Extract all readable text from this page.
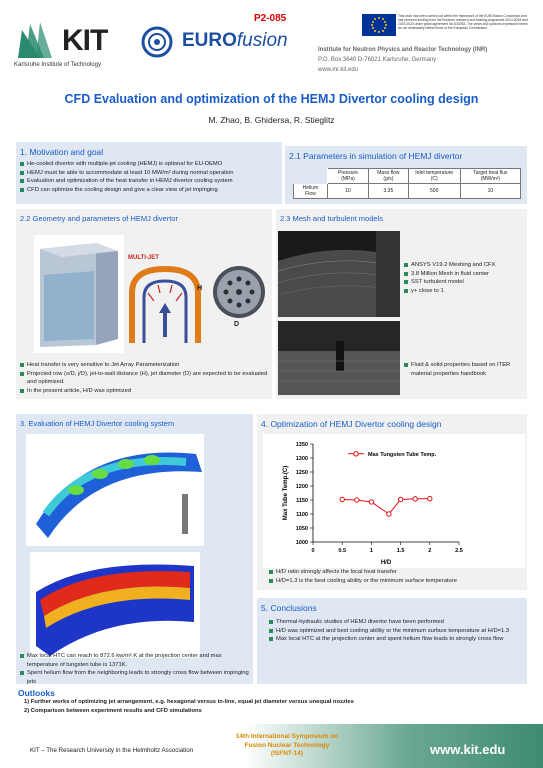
KIT
Karlsruhe Institute of Technology
EUROfusion
P2-085	This work has been carried out within the framework of the EUROfusion Consortium and has received funding from the Euratom research and training programme 2014-2018 and 2019-2020 under grant agreement No 633053. The views and opinions expressed herein do not necessarily reflect those of the European Commission.
Institute for Neutron Physics and Reactor Technology (INR)
P.O. Box 3640 D-76021 Karlsruhe, Germany
www.inr.kit.edu
CFD Evaluation and optimization of the HEMJ Divertor cooling design
M. Zhao, B. Ghidersa, R. Stieglitz
1. Motivation and goal
He-cooled divertor with multiple-jet cooling (HEMJ) is optional for EU-DEMO
HEMJ must be able to accommodate at least 10 MW/m² during normal operation
Evaluation and optimization of the heat transfer in HEMJ divertor cooling system
CFD can optimize the cooling design and give a clear view of jet impinging
2.1 Parameters in simulation of HEMJ divertor
	Pressure (MPa)	Mass flow (g/s)	Inlet temperature (C)	Target heat flux (MW/m²)
Helium Flow	10	3.35	500	10
2.2 Geometry and parameters of HEMJ divertor
MULTI-JET
H
D
Heat transfer is very sensitive to Jet Array Parameterization
Projected row (s/D, j/D), jet-to-wall distance (H), jet diameter (D) are expected to be evaluated and optimized.
In the present article, H/D was optimized
2.3 Mesh and turbulent models
ANSYS V19.2 Meshing and CFX
3.8 Million Mesh in fluid center
SST turbulent model
y+ close to 1
Fluid & solid properties based on ITER material properties handbook
3. Evaluation of HEMJ Divertor cooling system
Max local HTC can reach to 872.6 kw/m².K at the projection center and max temperature of tungsten tube is 1371K.
Spent helium flow from the neighboring leads to strongly cross flow between impinging jets
4. Optimization of HEMJ Divertor cooling design
1000
1050
1100
1150
1200
1250
1300
1350
0	0.5	1	1.5	2	2.5
H/D
Max Tube Temp.(C)
Max Tungsten Tube Temp.
H/D ratio strongly affects the local heat transfer
H/D=1.3 is the best cooling ability or the minimum surface temperature
5. Conclusions
Thermal-hydraulic studies of HEMJ divertor have been performed
H/D was optimized and best cooling ability or the minimum surface temperature at H/D=1.3
Max local HTC at the projection center and spent helium flow leads to strongly cross flow
Outlooks
1) Further works of optimizing jet arrangement, e.g. hexagonal versus in-line, equal jet diameter versus unequal nozzles
2) Comparison between experiment results and CFD simulations
KIT – The Research University in the Helmholtz Association
14th International Symposium on
Fusion Nuclear Technology
(ISFNT-14)	www.kit.edu
